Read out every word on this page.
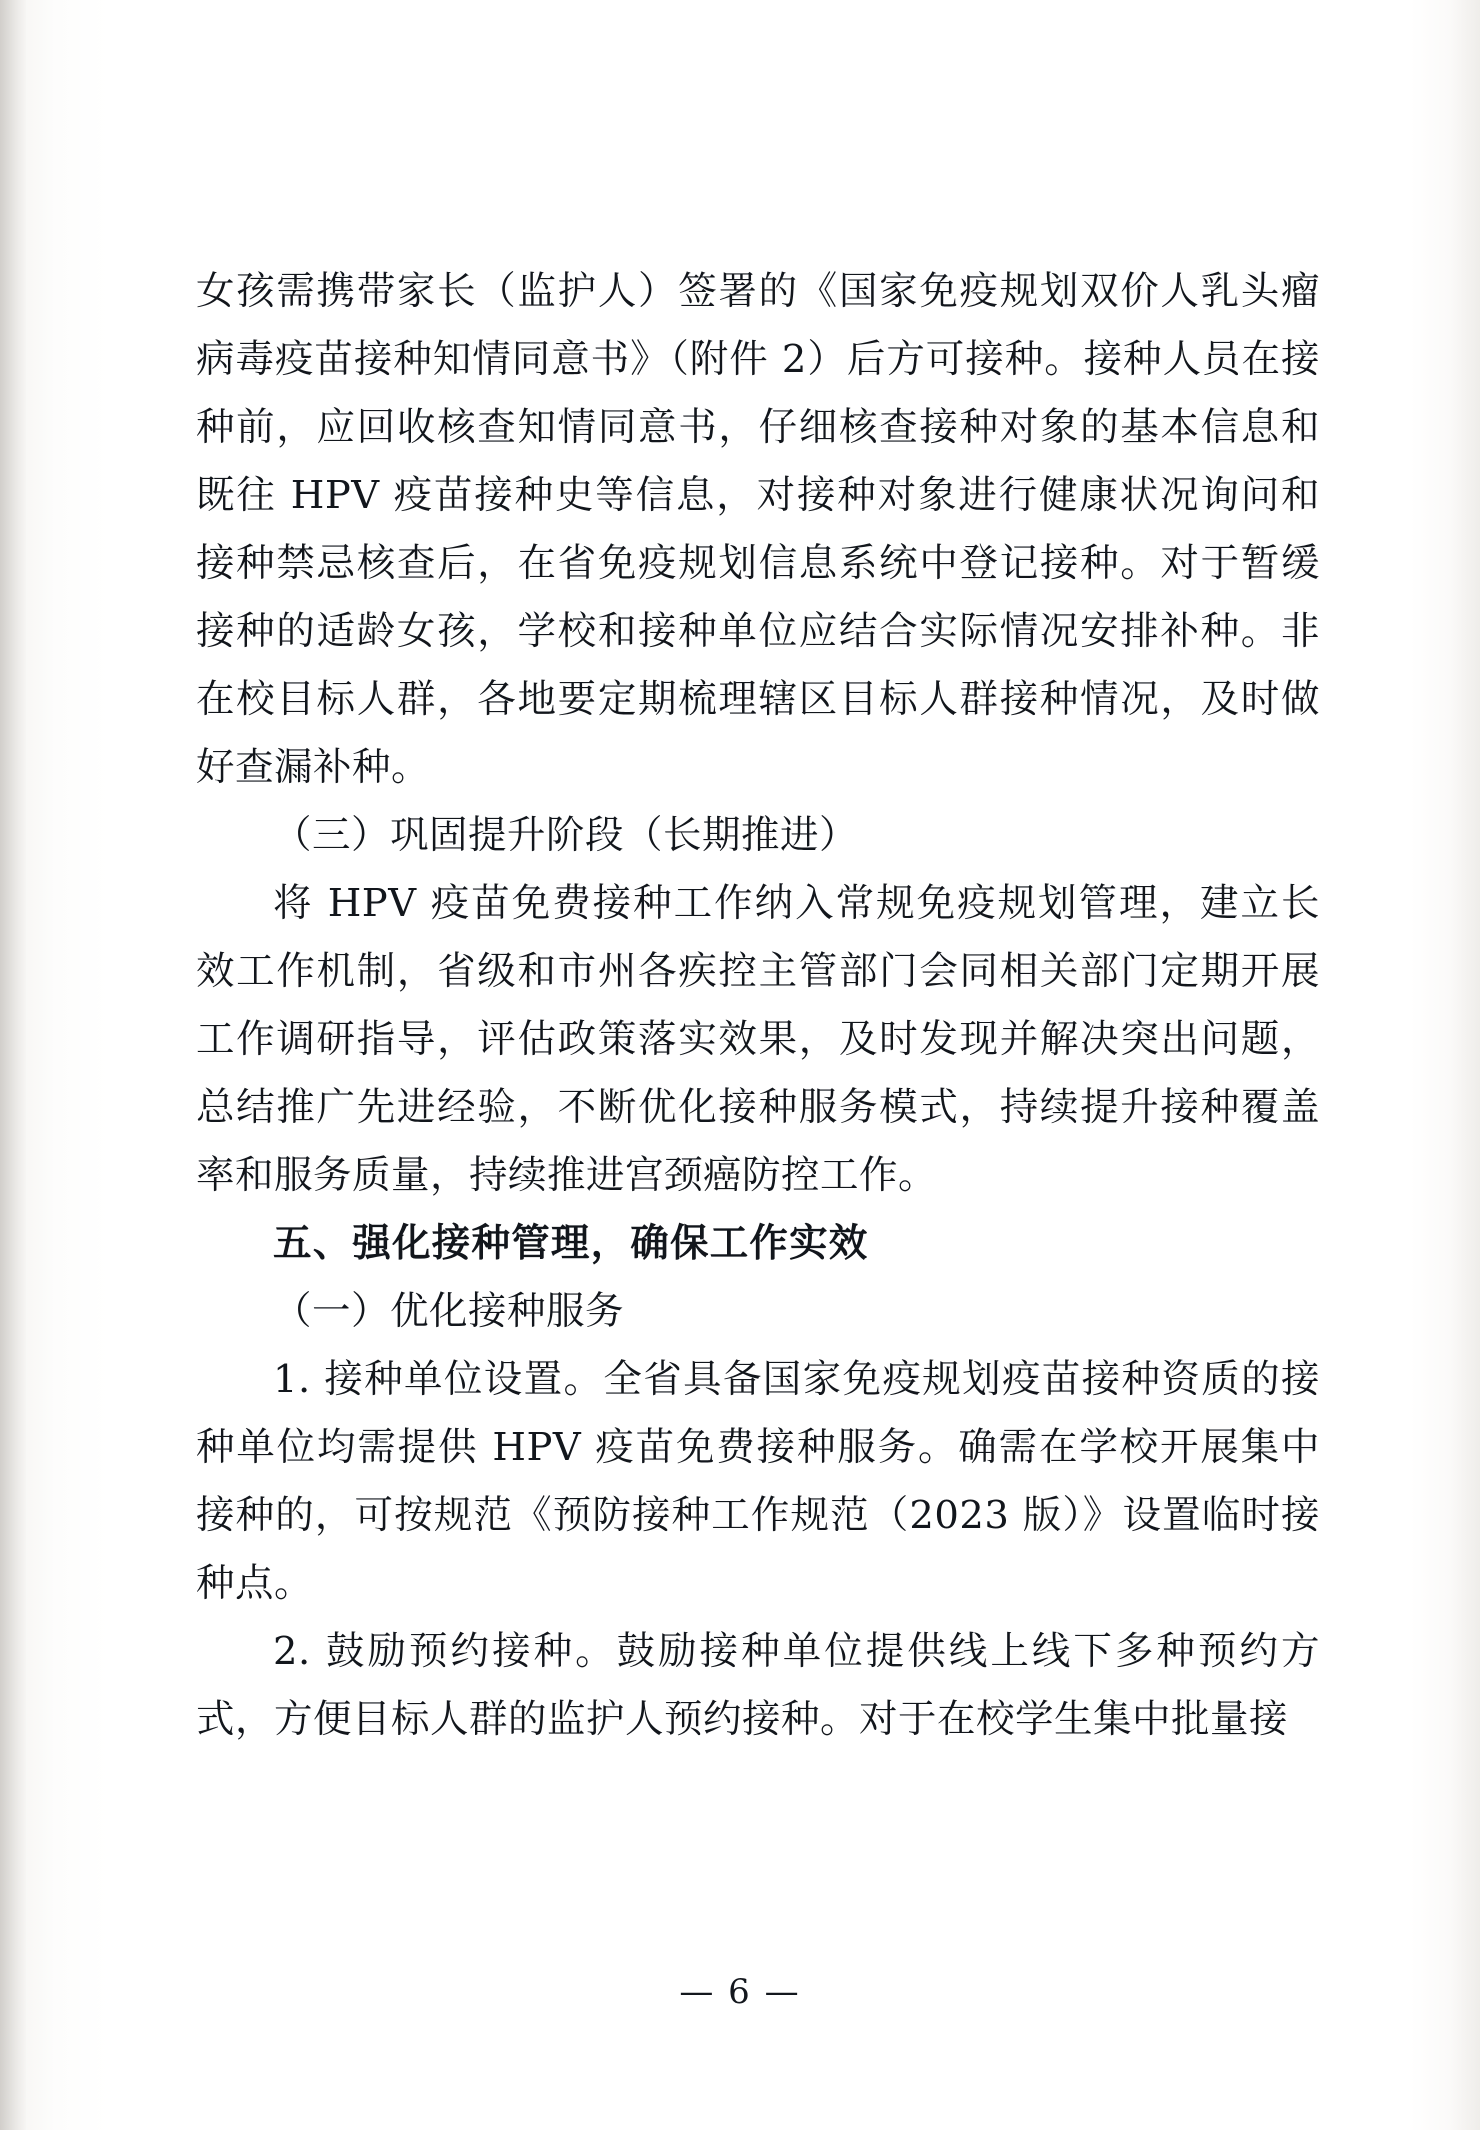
女孩需携带家长（监护人）签署的《国家免疫规划双价人乳头瘤病毒疫苗接种知情同意书》（附件 2）后方可接种。接种人员在接种前，应回收核查知情同意书，仔细核查接种对象的基本信息和既往 HPV 疫苗接种史等信息，对接种对象进行健康状况询问和接种禁忌核查后，在省免疫规划信息系统中登记接种。对于暂缓接种的适龄女孩，学校和接种单位应结合实际情况安排补种。非在校目标人群，各地要定期梳理辖区目标人群接种情况，及时做好查漏补种。

（三）巩固提升阶段（长期推进）

将 HPV 疫苗免费接种工作纳入常规免疫规划管理，建立长效工作机制，省级和市州各疾控主管部门会同相关部门定期开展工作调研指导，评估政策落实效果，及时发现并解决突出问题，总结推广先进经验，不断优化接种服务模式，持续提升接种覆盖率和服务质量，持续推进宫颈癌防控工作。

五、强化接种管理，确保工作实效

（一）优化接种服务

1. 接种单位设置。全省具备国家免疫规划疫苗接种资质的接种单位均需提供 HPV 疫苗免费接种服务。确需在学校开展集中接种的，可按规范《预防接种工作规范（2023 版）》设置临时接种点。

2. 鼓励预约接种。鼓励接种单位提供线上线下多种预约方式，方便目标人群的监护人预约接种。对于在校学生集中批量接

— 6 —
